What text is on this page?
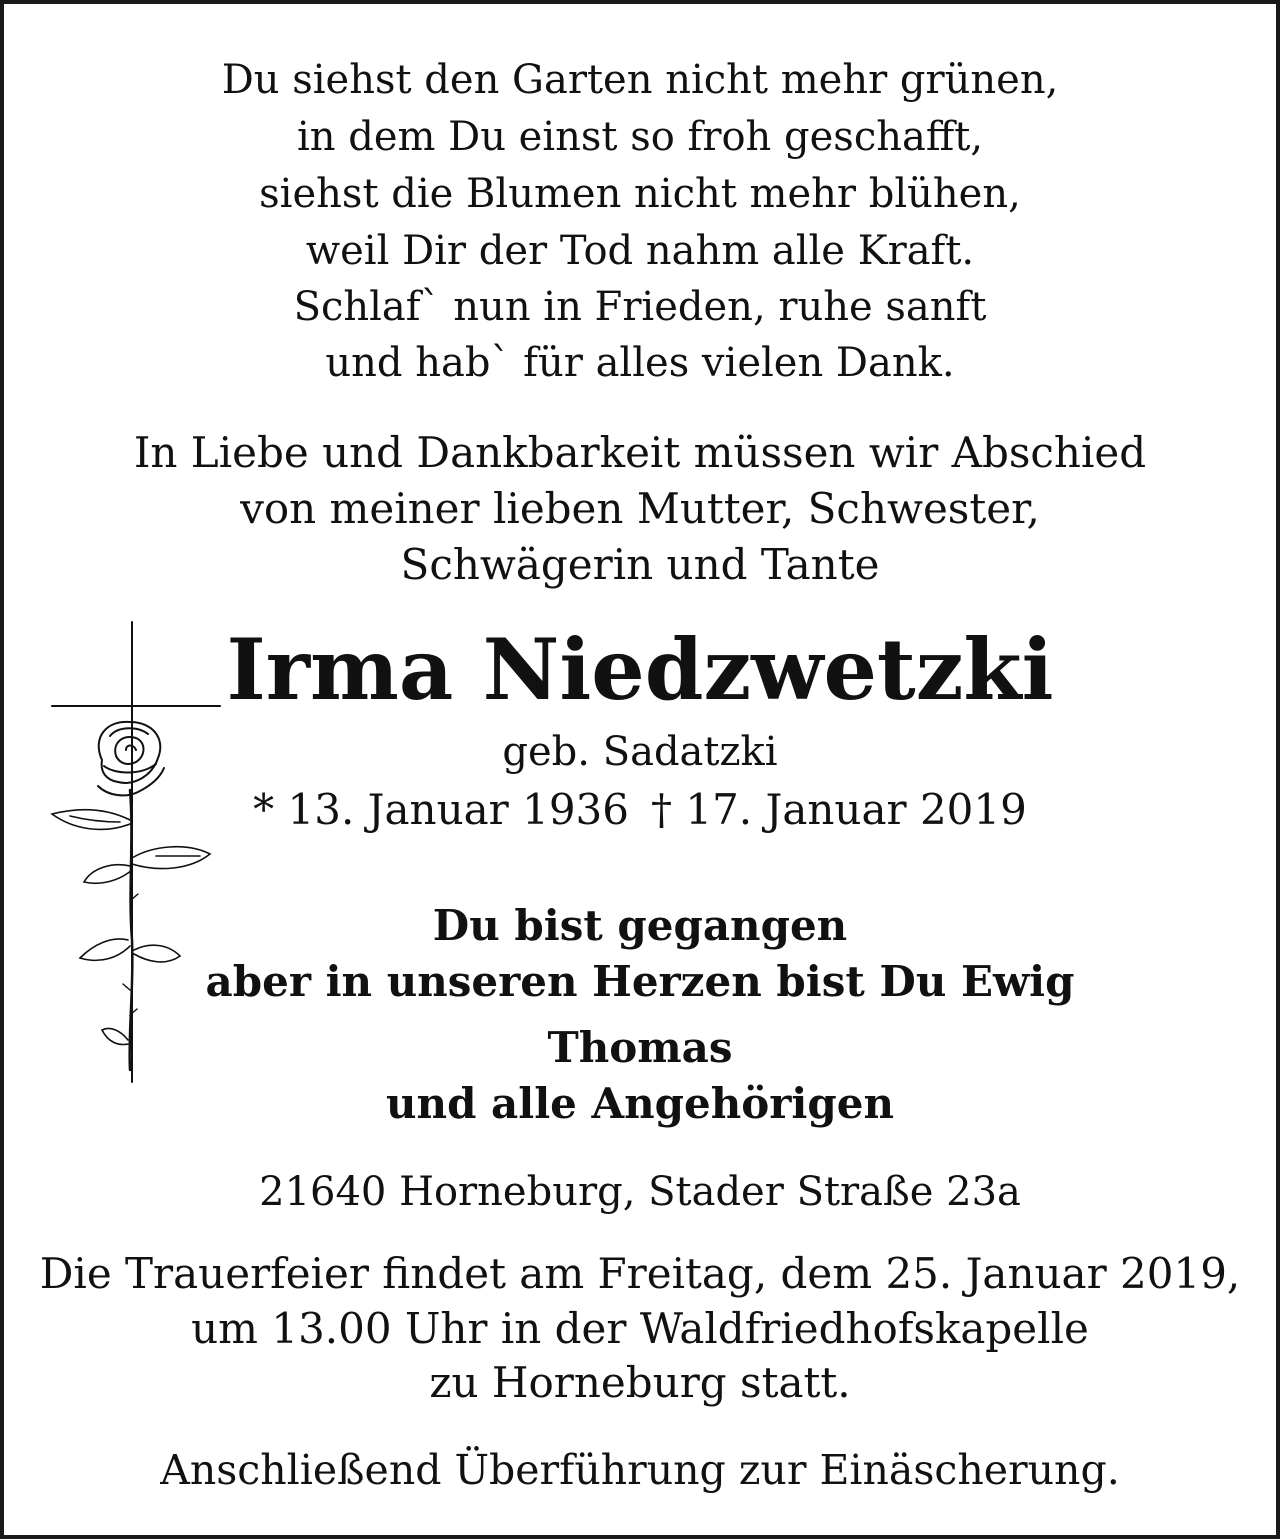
Du siehst den Garten nicht mehr grünen,
in dem Du einst so froh geschafft,
siehst die Blumen nicht mehr blühen,
weil Dir der Tod nahm alle Kraft.
Schlaf` nun in Frieden, ruhe sanft
und hab` für alles vielen Dank.
In Liebe und Dankbarkeit müssen wir Abschied
von meiner lieben Mutter, Schwester,
Schwägerin und Tante
Irma Niedzwetzki
geb. Sadatzki
* 13. Januar 1936 † 17. Januar 2019
Du bist gegangen
aber in unseren Herzen bist Du Ewig
Thomas
und alle Angehörigen
21640 Horneburg, Stader Straße 23a
Die Trauerfeier findet am Freitag, dem 25. Januar 2019,
um 13.00 Uhr in der Waldfriedhofskapelle
zu Horneburg statt.
Anschließend Überführung zur Einäscherung.
